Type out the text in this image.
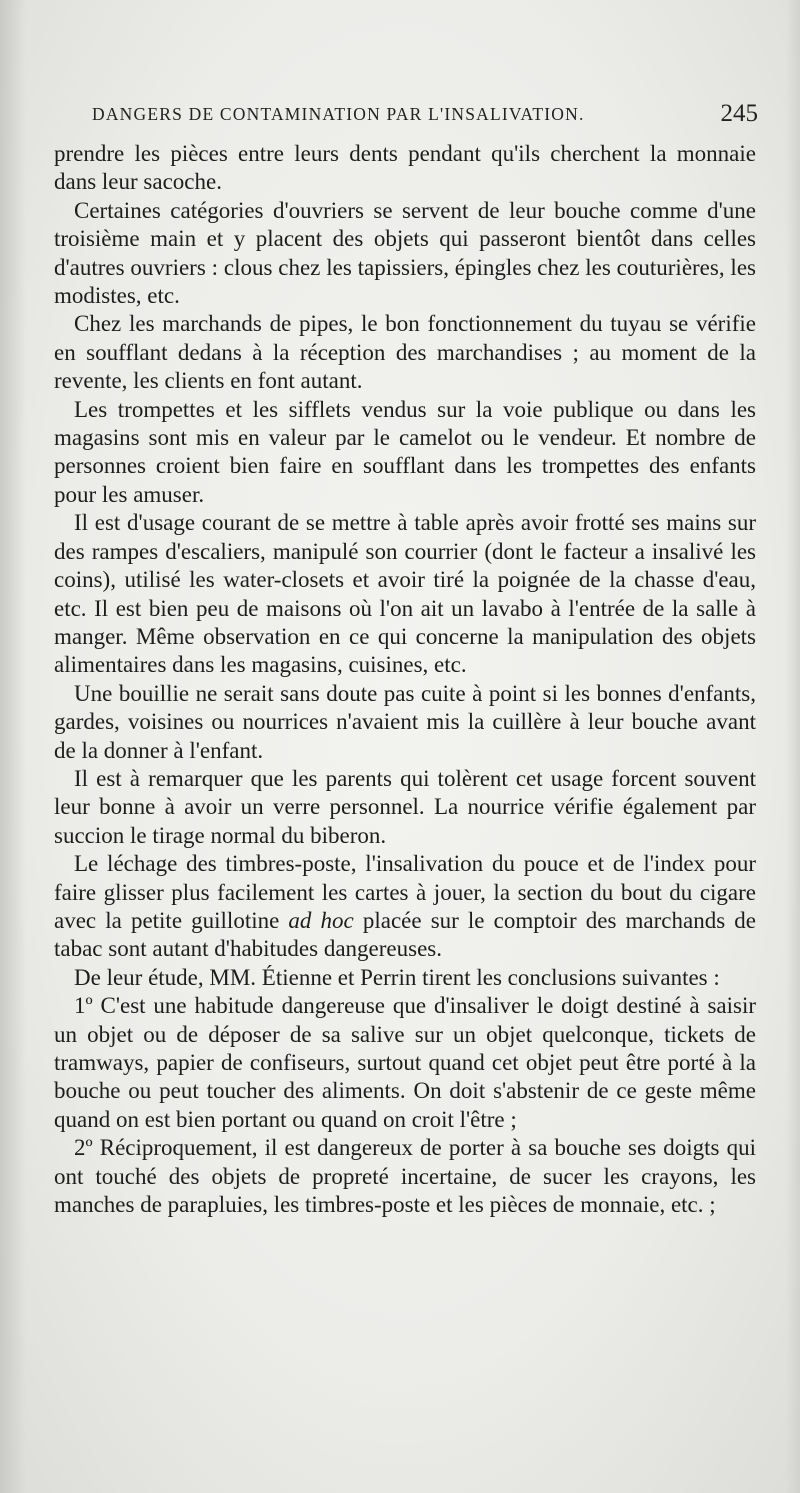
DANGERS DE CONTAMINATION PAR L'INSALIVATION.	245

prendre les pièces entre leurs dents pendant qu'ils cherchent la monnaie dans leur sacoche.

Certaines catégories d'ouvriers se servent de leur bouche comme d'une troisième main et y placent des objets qui passeront bientôt dans celles d'autres ouvriers : clous chez les tapissiers, épingles chez les couturières, les modistes, etc.

Chez les marchands de pipes, le bon fonctionnement du tuyau se vérifie en soufflant dedans à la réception des marchandises ; au moment de la revente, les clients en font autant.

Les trompettes et les sifflets vendus sur la voie publique ou dans les magasins sont mis en valeur par le camelot ou le vendeur. Et nombre de personnes croient bien faire en soufflant dans les trompettes des enfants pour les amuser.

Il est d'usage courant de se mettre à table après avoir frotté ses mains sur des rampes d'escaliers, manipulé son courrier (dont le facteur a insalivé les coins), utilisé les water-closets et avoir tiré la poignée de la chasse d'eau, etc. Il est bien peu de maisons où l'on ait un lavabo à l'entrée de la salle à manger. Même observation en ce qui concerne la manipulation des objets alimentaires dans les magasins, cuisines, etc.

Une bouillie ne serait sans doute pas cuite à point si les bonnes d'enfants, gardes, voisines ou nourrices n'avaient mis la cuillère à leur bouche avant de la donner à l'enfant.

Il est à remarquer que les parents qui tolèrent cet usage forcent souvent leur bonne à avoir un verre personnel. La nourrice vérifie également par succion le tirage normal du biberon.

Le léchage des timbres-poste, l'insalivation du pouce et de l'index pour faire glisser plus facilement les cartes à jouer, la section du bout du cigare avec la petite guillotine ad hoc placée sur le comptoir des marchands de tabac sont autant d'habitudes dangereuses.

De leur étude, MM. Étienne et Perrin tirent les conclusions suivantes :

1º C'est une habitude dangereuse que d'insaliver le doigt destiné à saisir un objet ou de déposer de sa salive sur un objet quelconque, tickets de tramways, papier de confiseurs, surtout quand cet objet peut être porté à la bouche ou peut toucher des aliments. On doit s'abstenir de ce geste même quand on est bien portant ou quand on croit l'être ;

2º Réciproquement, il est dangereux de porter à sa bouche ses doigts qui ont touché des objets de propreté incertaine, de sucer les crayons, les manches de parapluies, les timbres-poste et les pièces de monnaie, etc. ;
